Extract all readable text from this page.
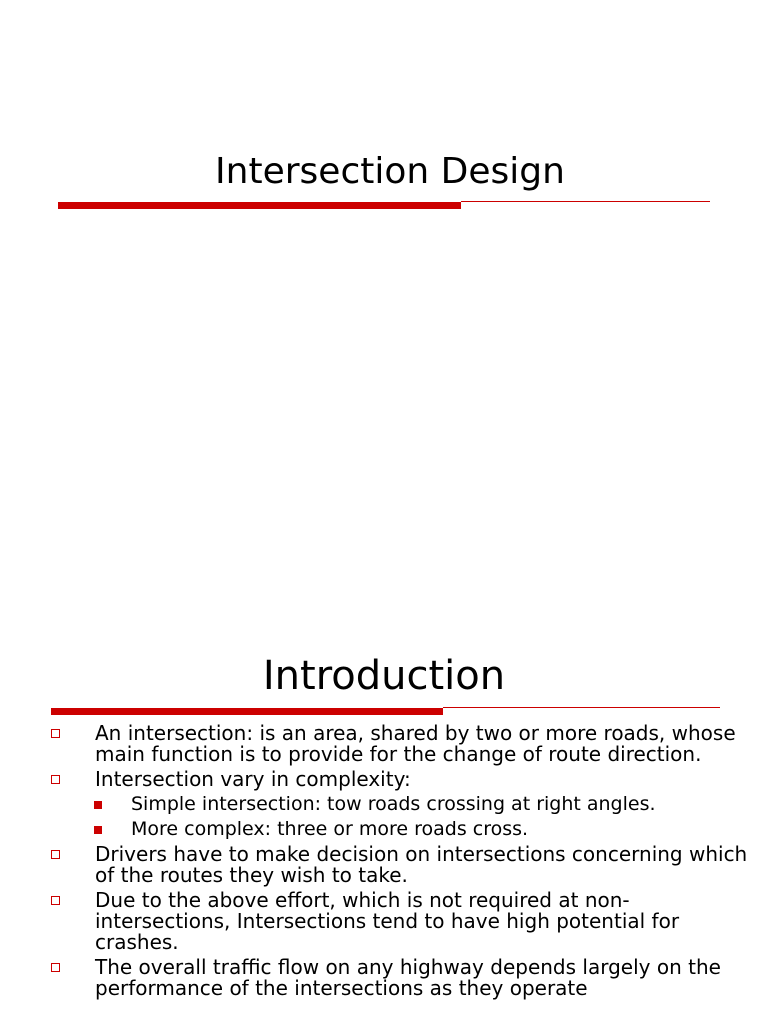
Intersection Design
Introduction
An intersection: is an area, shared by two or more roads, whose main function is to provide for the change of route direction.
Intersection vary in complexity:
Simple intersection: tow roads crossing at right angles.
More complex: three or more roads cross.
Drivers have to make decision on intersections concerning which of the routes they wish to take.
Due to the above effort, which is not required at non-intersections, Intersections tend to have high potential for crashes.
The overall traffic flow on any highway depends largely on the performance of the intersections as they operate
